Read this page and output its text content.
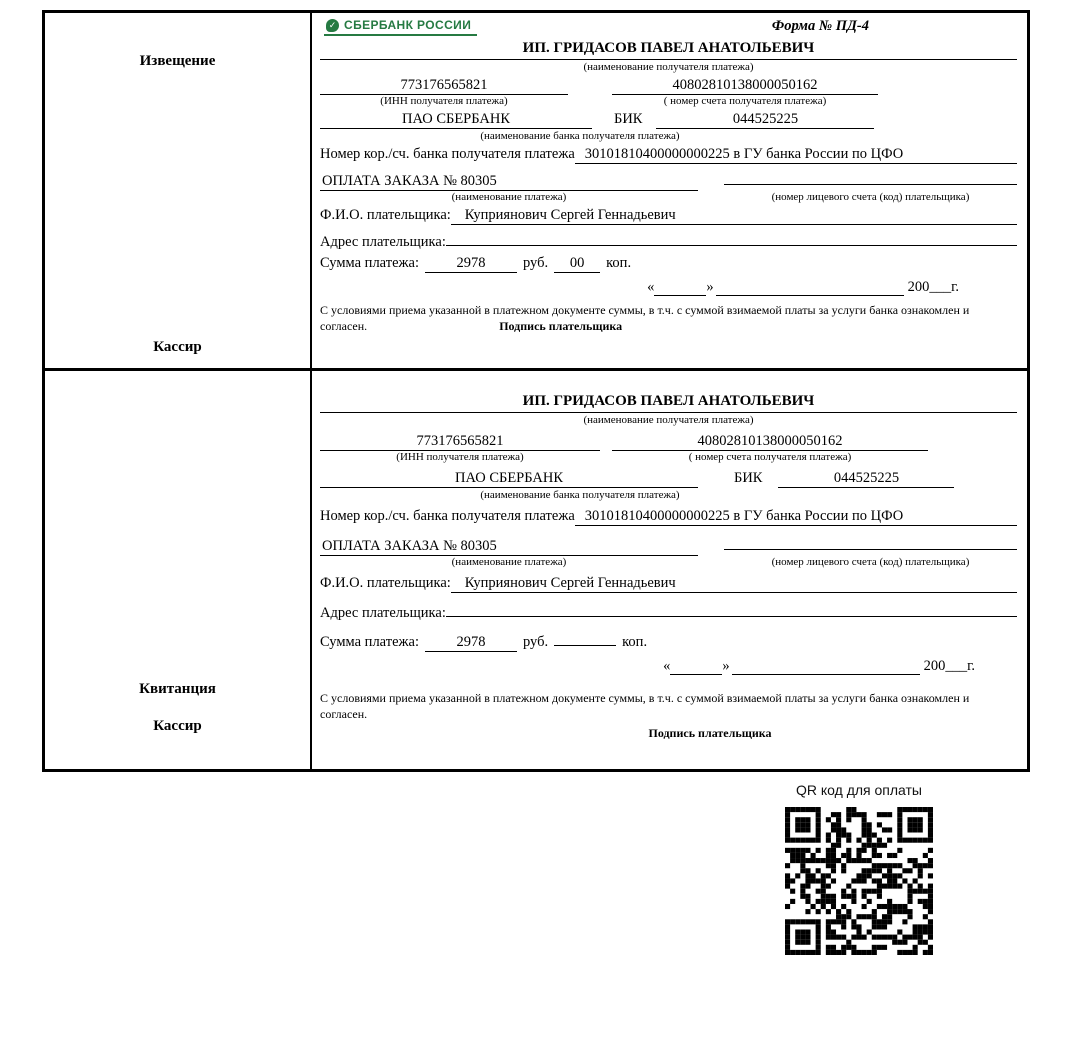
Извещение
Кассир
✓ СБЕРБАНК РОССИИ	Форма № ПД-4
ИП. ГРИДАСОВ ПАВЕЛ АНАТОЛЬЕВИЧ
(наименование получателя платежа)
773176565821	40802810138000050162
(ИНН получателя платежа)	( номер счета получателя платежа)
ПАО СБЕРБАНК	БИК	044525225
(наименование банка получателя платежа)
Номер кор./сч. банка получателя платежа 30101810400000000225 в ГУ банка России по ЦФО
ОПЛАТА ЗАКАЗА № 80305
(наименование платежа)	(номер лицевого счета (код) плательщика)
Ф.И.О. плательщика: Куприянович Сергей Геннадьевич
Адрес плательщика:
Сумма платежа:	2978	руб.	00	коп.
«	»	200___г.
С условиями приема указанной в платежном документе суммы, в т.ч. с суммой взимаемой платы за услуги банка ознакомлен и согласен.	Подпись плательщика
Квитанция
Кассир
ИП. ГРИДАСОВ ПАВЕЛ АНАТОЛЬЕВИЧ
(наименование получателя платежа)
773176565821	40802810138000050162
(ИНН получателя платежа)	( номер счета получателя платежа)
ПАО СБЕРБАНК	БИК	044525225
(наименование банка получателя платежа)
Номер кор./сч. банка получателя платежа 30101810400000000225 в ГУ банка России по ЦФО
ОПЛАТА ЗАКАЗА № 80305
(наименование платежа)	(номер лицевого счета (код) плательщика)
Ф.И.О. плательщика: Куприянович Сергей Геннадьевич
Адрес плательщика:
Сумма платежа:	2978	руб.	коп.
«	»	200___г.
С условиями приема указанной в платежном документе суммы, в т.ч. с суммой взимаемой платы за услуги банка ознакомлен и согласен.
Подпись плательщика
QR код для оплаты
